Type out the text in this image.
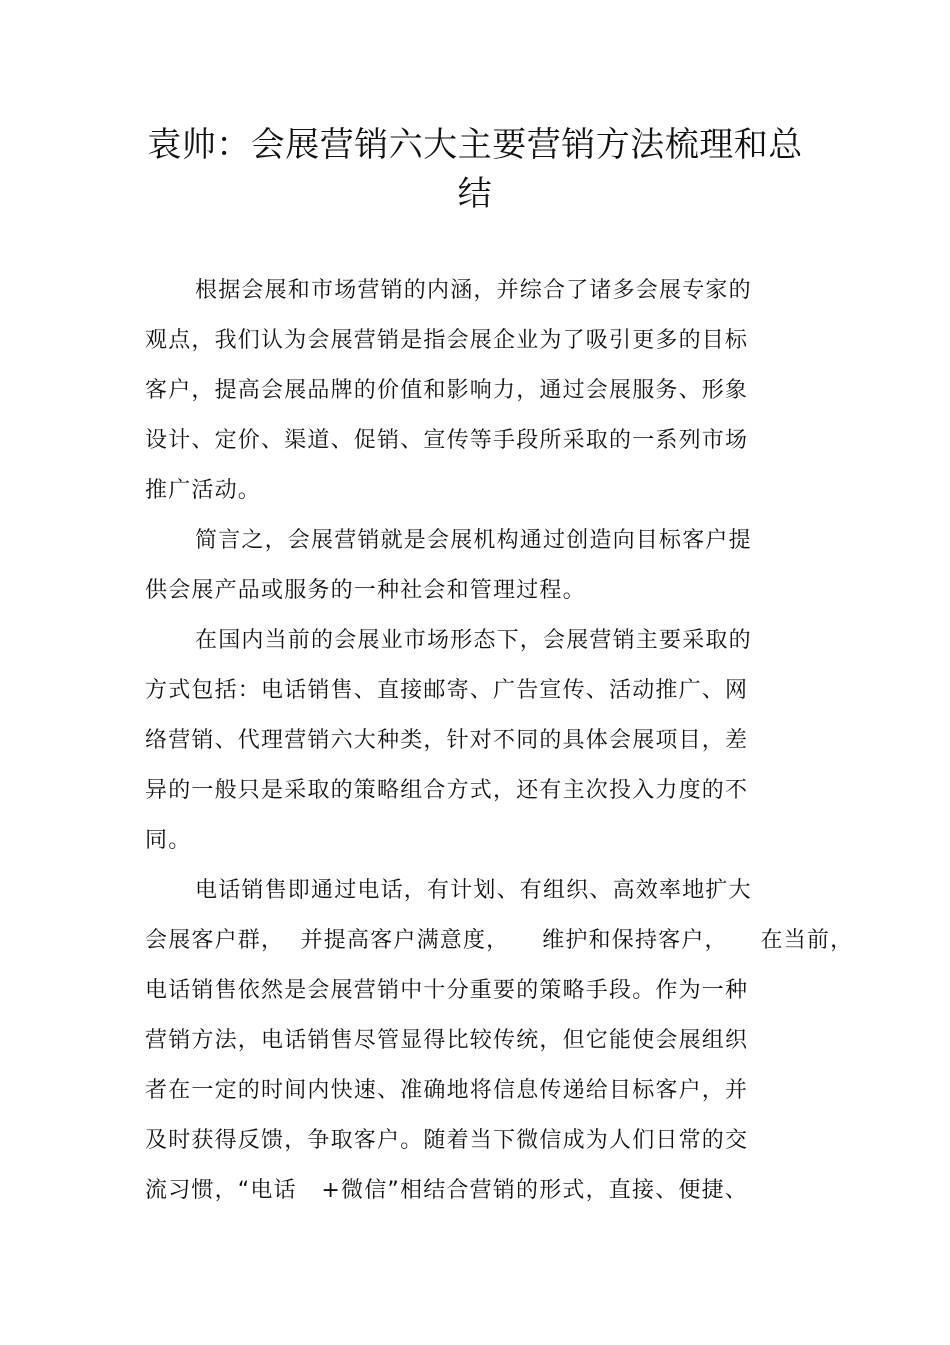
袁帅：会展营销六大主要营销方法梳理和总
结
根据会展和市场营销的内涵，并综合了诸多会展专家的
观点，我们认为会展营销是指会展企业为了吸引更多的目标
客户，提高会展品牌的价值和影响力，通过会展服务、形象
设计、定价、渠道、促销、宣传等手段所采取的一系列市场
推广活动。
简言之，会展营销就是会展机构通过创造向目标客户提
供会展产品或服务的一种社会和管理过程。
在国内当前的会展业市场形态下，会展营销主要采取的
方式包括：电话销售、直接邮寄、广告宣传、活动推广、网
络营销、代理营销六大种类，针对不同的具体会展项目，差
异的一般只是采取的策略组合方式，还有主次投入力度的不
同。
电话销售即通过电话，有计划、有组织、高效率地扩大
会展客户群，  并提高客户满意度，    维护和保持客户，    在当前，
电话销售依然是会展营销中十分重要的策略手段。作为一种
营销方法，电话销售尽管显得比较传统，但它能使会展组织
者在一定的时间内快速、准确地将信息传递给目标客户，并
及时获得反馈，争取客户。随着当下微信成为人们日常的交
流习惯，“电话   +微信”相结合营销的形式，直接、便捷、
